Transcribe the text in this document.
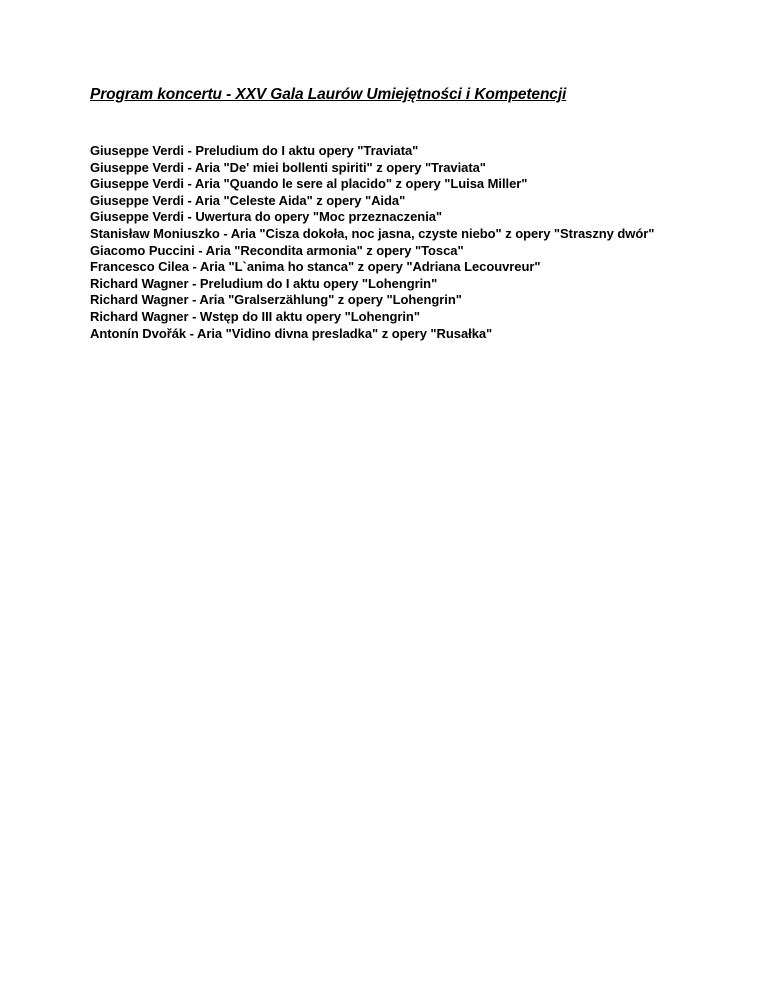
Program koncertu - XXV Gala Laurów Umiejętności i Kompetencji
Giuseppe Verdi - Preludium do I aktu opery "Traviata"
Giuseppe Verdi - Aria "De' miei bollenti spiriti" z opery "Traviata"
Giuseppe Verdi - Aria "Quando le sere al placido" z opery "Luisa Miller"
Giuseppe Verdi - Aria "Celeste Aida" z opery "Aida"
Giuseppe Verdi - Uwertura do opery "Moc przeznaczenia"
Stanisław Moniuszko - Aria "Cisza dokoła, noc jasna, czyste niebo" z opery "Straszny dwór"
Giacomo Puccini - Aria "Recondita armonia" z opery "Tosca"
Francesco Cilea - Aria "L`anima ho stanca" z opery "Adriana Lecouvreur"
Richard Wagner - Preludium do I aktu opery "Lohengrin"
Richard Wagner - Aria "Gralserzählung" z opery "Lohengrin"
Richard Wagner - Wstęp do III aktu opery "Lohengrin"
Antonín Dvořák - Aria "Vidino divna presladka" z opery "Rusałka"
